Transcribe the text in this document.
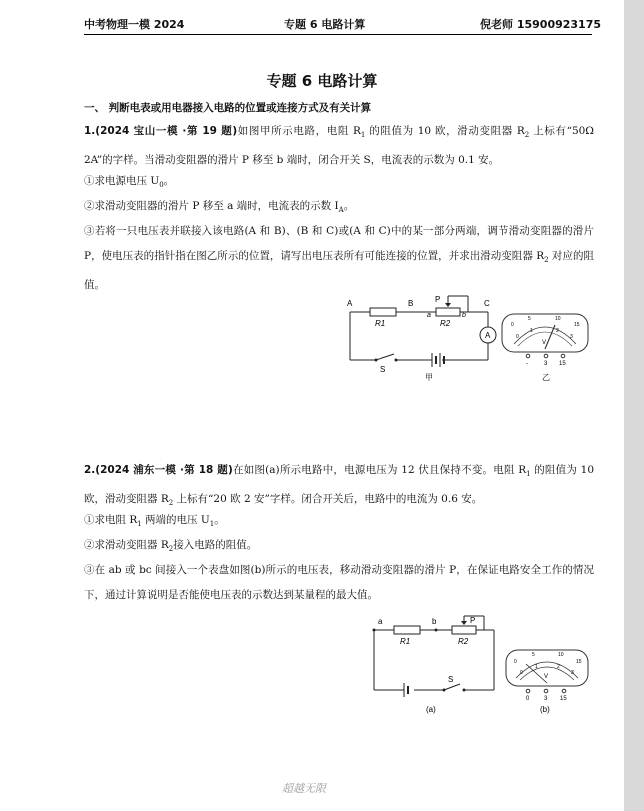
中考物理一模 2024	专题 6 电路计算	倪老师 15900923175
专题 6 电路计算
一、 判断电表或用电器接入电路的位置或连接方式及有关计算
1.(2024 宝山一模 ·第 19 题)如图甲所示电路，电阻 $R_1$ 的阻值为 10 欧，滑动变阻器 $R_2$ 上标有“50Ω 2A”的字样。当滑动变阻器的滑片 P 移至 b 端时，闭合开关 S，电流表的示数为 0.1 安。
①求电源电压 $U_0$。
②求滑动变阻器的滑片 P 移至 a 端时，电流表的示数 $I_A$。
③若将一只电压表并联接入该电路(A 和 B)、(B 和 C)或(A 和 C)中的某一部分两端，调节滑动变阻器的滑片 P，使电压表的指针指在图乙所示的位置，请写出电压表所有可能连接的位置，并求出滑动变阻器 $R_2$ 对应的阻值。
A	B	C
P
a	b
R1	R2
A
S
甲
0
5	10
15
0
1	2
3
V
-	3 15
乙
2.(2024 浦东一模 ·第 18 题)在如图(a)所示电路中，电源电压为 12 伏且保持不变。电阻 $R_1$ 的阻值为 10 欧，滑动变阻器 $R_2$ 上标有“20 欧 2 安”字样。闭合开关后，电路中的电流为 0.6 安。
①求电阻 $R_1$ 两端的电压 $U_1$。
②求滑动变阻器 $R_2$接入电路的阻值。
③在 ab 或 bc 间接入一个表盘如图(b)所示的电压表，移动滑动变阻器的滑片 P，在保证电路安全工作的情况下，通过计算说明是否能使电压表的示数达到某量程的最大值。
a	b	P
R1	R2
S
(a)
0
5	10
15
0
1	2
3
V
0 3 15
(b)
超越无限
